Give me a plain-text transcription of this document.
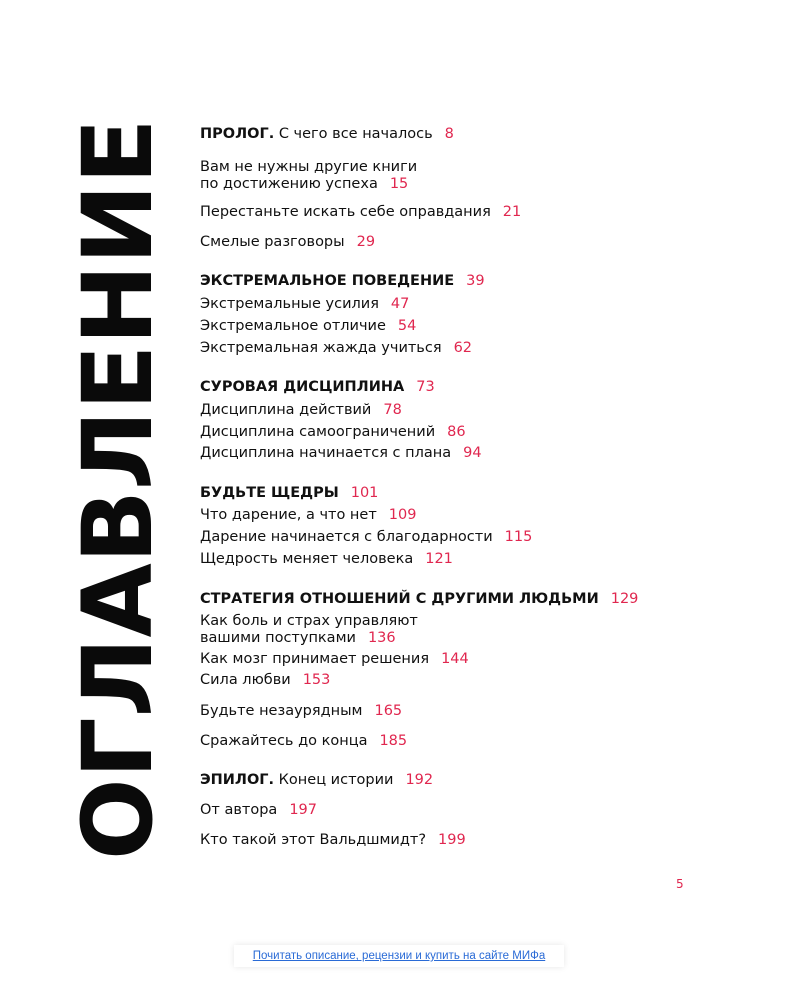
О
Г
Л
А
В
Л
Е
Н
И
Е ПРОЛОГ. С чего все началось 8
Вам не нужны другие книги
по достижению успеха 15
Перестаньте искать себе оправдания 21
Смелые разговоры 29
ЭКСТРЕМАЛЬНОЕ ПОВЕДЕНИЕ 39
Экстремальные усилия 47
Экстремальное отличие 54
Экстремальная жажда учиться 62
СУРОВАЯ ДИСЦИПЛИНА 73
Дисциплина действий 78
Дисциплина самоограничений 86
Дисциплина начинается с плана 94
БУДЬТЕ ЩЕДРЫ 101
Что дарение, а что нет 109
Дарение начинается с благодарности 115
Щедрость меняет человека 121
СТРАТЕГИЯ ОТНОШЕНИЙ С ДРУГИМИ ЛЮДЬМИ 129
Как боль и страх управляют
вашими поступками 136
Как мозг принимает решения 144
Сила любви 153
Будьте незаурядным 165
Сражайтесь до конца 185
ЭПИЛОГ. Конец истории 192
От автора 197
Кто такой этот Вальдшмидт? 199
5
Почитать описание, рецензии и купить на сайте МИФа
